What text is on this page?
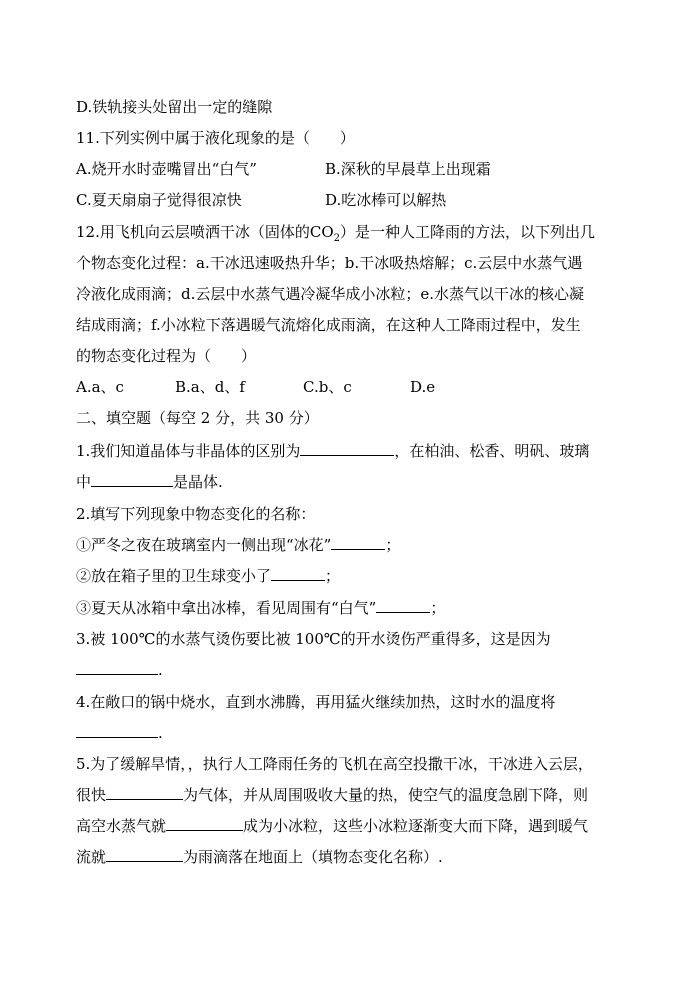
D.铁轨接头处留出一定的缝隙
11.下列实例中属于液化现象的是（　　）
A.烧开水时壶嘴冒出“白气”	B.深秋的早晨草上出现霜
C.夏天扇扇子觉得很凉快	D.吃冰棒可以解热
12.用飞机向云层喷洒干冰（固体的$CO_2$）是一种人工降雨的方法，以下列出几
个物态变化过程：a.干冰迅速吸热升华；b.干冰吸热熔解；c.云层中水蒸气遇
冷液化成雨滴；d.云层中水蒸气遇冷凝华成小冰粒；e.水蒸气以干冰的核心凝
结成雨滴；f.小冰粒下落遇暖气流熔化成雨滴，在这种人工降雨过程中，发生
的物态变化过程为（　　）
A.a、c	B.a、d、f	C.b、c	D.e
二、填空题（每空 2 分，共 30 分）
1.我们知道晶体与非晶体的区别为	，在柏油、松香、明矾、玻璃
中	是晶体.
2.填写下列现象中物态变化的名称：
①严冬之夜在玻璃室内一侧出现“冰花”	；
②放在箱子里的卫生球变小了	；
③夏天从冰箱中拿出冰棒，看见周围有“白气”	；
3.被 100℃的水蒸气烫伤要比被 100℃的开水烫伤严重得多，这是因为
.
4.在敞口的锅中烧水，直到水沸腾，再用猛火继续加热，这时水的温度将
.
5.为了缓解旱情，，执行人工降雨任务的飞机在高空投撒干冰，干冰进入云层，
很快	为气体，并从周围吸收大量的热，使空气的温度急剧下降，则
高空水蒸气就	成为小冰粒，这些小冰粒逐渐变大而下降，遇到暖气
流就	为雨滴落在地面上（填物态变化名称）.
